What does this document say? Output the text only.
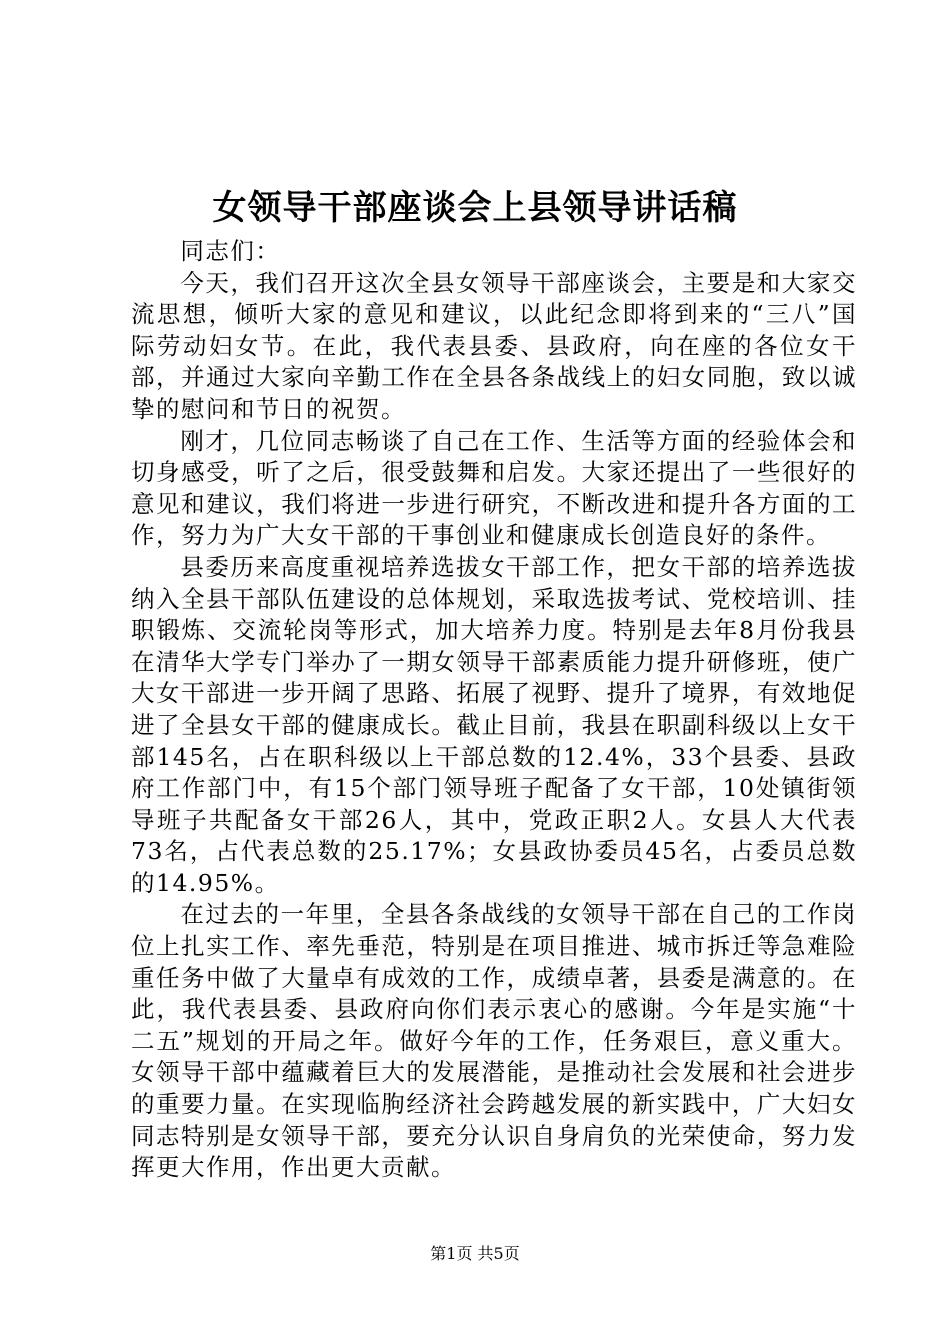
女领导干部座谈会上县领导讲话稿

同志们：

今天，我们召开这次全县女领导干部座谈会，主要是和大家交流思想，倾听大家的意见和建议，以此纪念即将到来的“三八”国际劳动妇女节。在此，我代表县委、县政府，向在座的各位女干部，并通过大家向辛勤工作在全县各条战线上的妇女同胞，致以诚挚的慰问和节日的祝贺。

刚才，几位同志畅谈了自己在工作、生活等方面的经验体会和切身感受，听了之后，很受鼓舞和启发。大家还提出了一些很好的意见和建议，我们将进一步进行研究，不断改进和提升各方面的工作，努力为广大女干部的干事创业和健康成长创造良好的条件。

县委历来高度重视培养选拔女干部工作，把女干部的培养选拔纳入全县干部队伍建设的总体规划，采取选拔考试、党校培训、挂职锻炼、交流轮岗等形式，加大培养力度。特别是去年8月份我县在清华大学专门举办了一期女领导干部素质能力提升研修班，使广大女干部进一步开阔了思路、拓展了视野、提升了境界，有效地促进了全县女干部的健康成长。截止目前，我县在职副科级以上女干部145名，占在职科级以上干部总数的12.4%，33个县委、县政府工作部门中，有15个部门领导班子配备了女干部，10处镇街领导班子共配备女干部26人，其中，党政正职2人。女县人大代表73名，占代表总数的25.17%；女县政协委员45名，占委员总数的14.95%。

在过去的一年里，全县各条战线的女领导干部在自己的工作岗位上扎实工作、率先垂范，特别是在项目推进、城市拆迁等急难险重任务中做了大量卓有成效的工作，成绩卓著，县委是满意的。在此，我代表县委、县政府向你们表示衷心的感谢。今年是实施“十二五”规划的开局之年。做好今年的工作，任务艰巨，意义重大。女领导干部中蕴藏着巨大的发展潜能，是推动社会发展和社会进步的重要力量。在实现临朐经济社会跨越发展的新实践中，广大妇女同志特别是女领导干部，要充分认识自身肩负的光荣使命，努力发挥更大作用，作出更大贡献。

第1页 共5页
